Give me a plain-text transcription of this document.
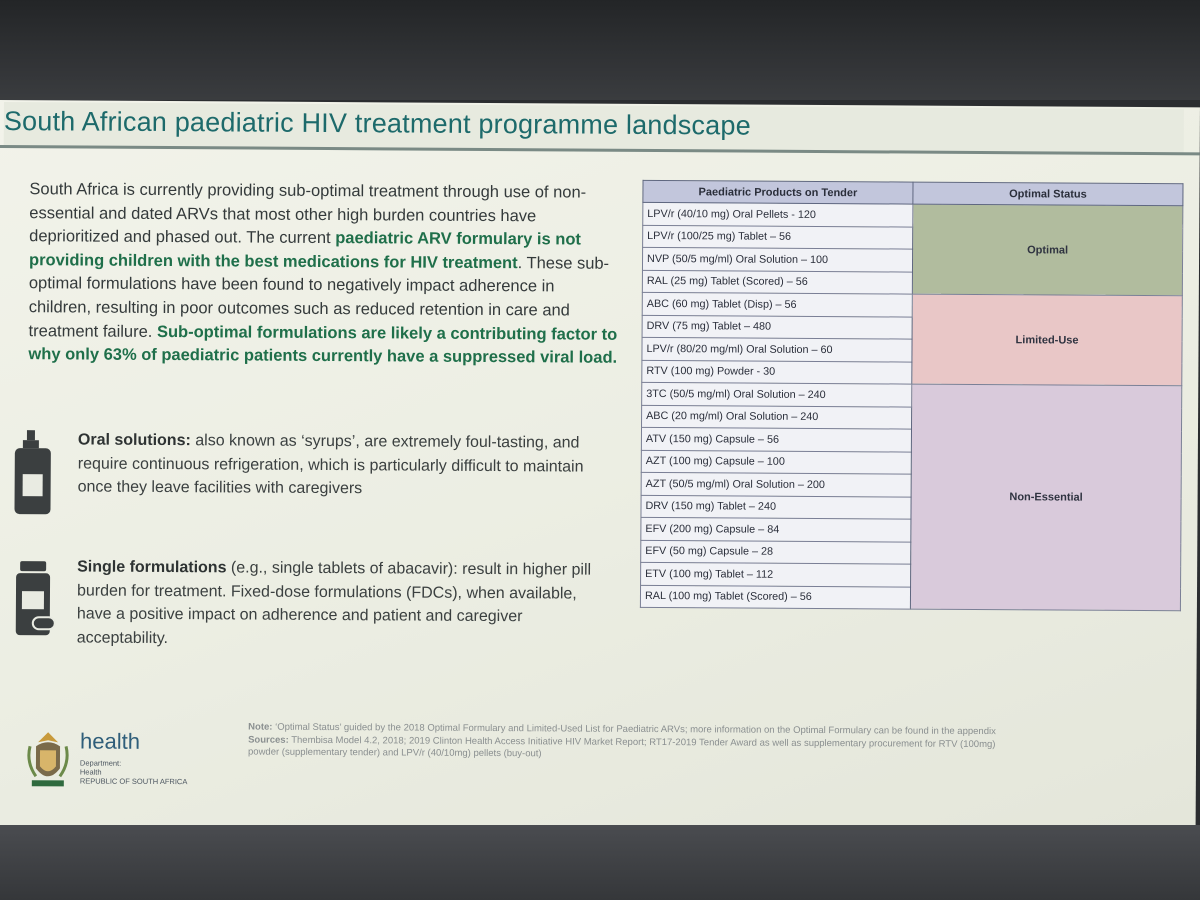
South African paediatric HIV treatment programme landscape
South Africa is currently providing sub-optimal treatment through use of non-essential and dated ARVs that most other high burden countries have deprioritized and phased out. The current paediatric ARV formulary is not providing children with the best medications for HIV treatment. These sub-optimal formulations have been found to negatively impact adherence in children, resulting in poor outcomes such as reduced retention in care and treatment failure. Sub-optimal formulations are likely a contributing factor to why only 63% of paediatric patients currently have a suppressed viral load.
Oral solutions: also known as ‘syrups’, are extremely foul-tasting, and require continuous refrigeration, which is particularly difficult to maintain once they leave facilities with caregivers
Single formulations (e.g., single tablets of abacavir): result in higher pill burden for treatment. Fixed-dose formulations (FDCs), when available, have a positive impact on adherence and patient and caregiver acceptability.
Paediatric Products on Tender	Optimal Status
LPV/r (40/10 mg) Oral Pellets - 120	Optimal
LPV/r (100/25 mg) Tablet – 56	
NVP (50/5 mg/ml) Oral Solution – 100	
RAL (25 mg) Tablet (Scored) – 56	
ABC (60 mg) Tablet (Disp) – 56	Limited-Use
DRV (75 mg) Tablet – 480	
LPV/r (80/20 mg/ml) Oral Solution – 60	
RTV (100 mg) Powder - 30	
3TC (50/5 mg/ml) Oral Solution – 240	Non-Essential
ABC (20 mg/ml) Oral Solution – 240	
ATV (150 mg) Capsule – 56	
AZT (100 mg) Capsule – 100	
AZT (50/5 mg/ml) Oral Solution – 200	
DRV (150 mg) Tablet – 240	
EFV (200 mg) Capsule – 84	
EFV (50 mg) Capsule – 28	
ETV (100 mg) Tablet – 112	
RAL (100 mg) Tablet (Scored) – 56	
health
Department:
Health
REPUBLIC OF SOUTH AFRICA
Note: ‘Optimal Status’ guided by the 2018 Optimal Formulary and Limited-Used List for Paediatric ARVs; more information on the Optimal Formulary can be found in the appendix
Sources: Thembisa Model 4.2, 2018; 2019 Clinton Health Access Initiative HIV Market Report; RT17-2019 Tender Award as well as supplementary procurement for RTV (100mg) powder (supplementary tender) and LPV/r (40/10mg) pellets (buy-out)
